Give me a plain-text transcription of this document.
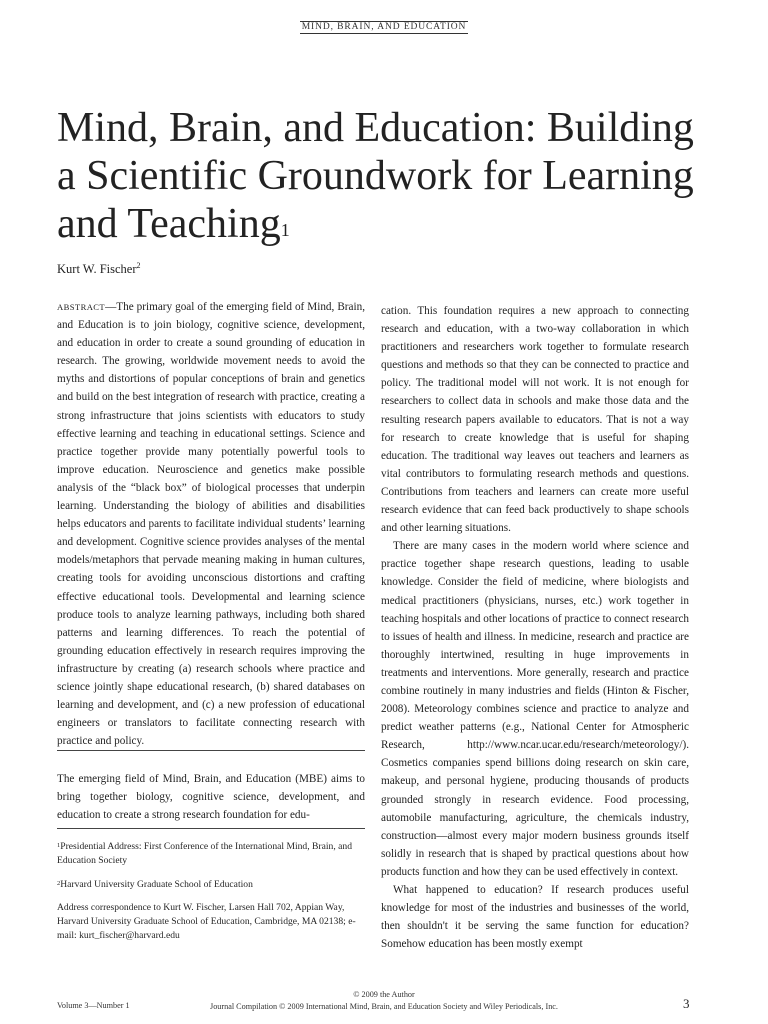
MIND, BRAIN, AND EDUCATION
Mind, Brain, and Education: Building a Scientific Groundwork for Learning and Teaching$^1$
Kurt W. Fischer$^2$

ABSTRACT—The primary goal of the emerging field of Mind, Brain, and Education is to join biology, cognitive science, development, and education in order to create a sound grounding of education in research. The growing, worldwide movement needs to avoid the myths and distortions of popular conceptions of brain and genetics and build on the best integration of research with practice, creating a strong infrastructure that joins scientists with educators to study effective learning and teaching in educational settings. Science and practice together provide many potentially powerful tools to improve education. Neuroscience and genetics make possible analysis of the “black box” of biological processes that underpin learning. Understanding the biology of abilities and disabilities helps educators and parents to facilitate individual students’ learning and development. Cognitive science provides analyses of the mental models/metaphors that pervade meaning making in human cultures, creating tools for avoiding unconscious distortions and crafting effective educational tools. Developmental and learning science produce tools to analyze learning pathways, including both shared patterns and learning differences. To reach the potential of grounding education effectively in research requires improving the infrastructure by creating (a) research schools where practice and science jointly shape educational research, (b) shared databases on learning and development, and (c) a new profession of educational engineers or translators to facilitate connecting research with practice and policy.

The emerging field of Mind, Brain, and Education (MBE) aims to bring together biology, cognitive science, development, and education to create a strong research foundation for edu-

$^1$Presidential Address: First Conference of the International Mind, Brain, and Education Society

$^2$Harvard University Graduate School of Education

Address correspondence to Kurt W. Fischer, Larsen Hall 702, Appian Way, Harvard University Graduate School of Education, Cambridge, MA 02138; e-mail: kurt_fischer@harvard.edu

cation. This foundation requires a new approach to connecting research and education, with a two-way collaboration in which practitioners and researchers work together to formulate research questions and methods so that they can be connected to practice and policy. The traditional model will not work. It is not enough for researchers to collect data in schools and make those data and the resulting research papers available to educators. That is not a way for research to create knowledge that is useful for shaping education. The traditional way leaves out teachers and learners as vital contributors to formulating research methods and questions. Contributions from teachers and learners can create more useful research evidence that can feed back productively to shape schools and other learning situations.

There are many cases in the modern world where science and practice together shape research questions, leading to usable knowledge. Consider the field of medicine, where biologists and medical practitioners (physicians, nurses, etc.) work together in teaching hospitals and other locations of practice to connect research to issues of health and illness. In medicine, research and practice are thoroughly intertwined, resulting in huge improvements in treatments and interventions. More generally, research and practice combine routinely in many industries and fields (Hinton & Fischer, 2008). Meteorology combines science and practice to analyze and predict weather patterns (e.g., National Center for Atmospheric Research, http://www.ncar.ucar.edu/research/meteorology/). Cosmetics companies spend billions doing research on skin care, makeup, and personal hygiene, producing thousands of products grounded strongly in research evidence. Food processing, automobile manufacturing, agriculture, the chemicals industry, construction—almost every major modern business grounds itself solidly in research that is shaped by practical questions about how products function and how they can be used effectively in context.

What happened to education? If research produces useful knowledge for most of the industries and businesses of the world, then shouldn't it be serving the same function for education? Somehow education has been mostly exempt

© 2009 the Author
Journal Compilation © 2009 International Mind, Brain, and Education Society and Wiley Periodicals, Inc.
Volume 3—Number 1	3
